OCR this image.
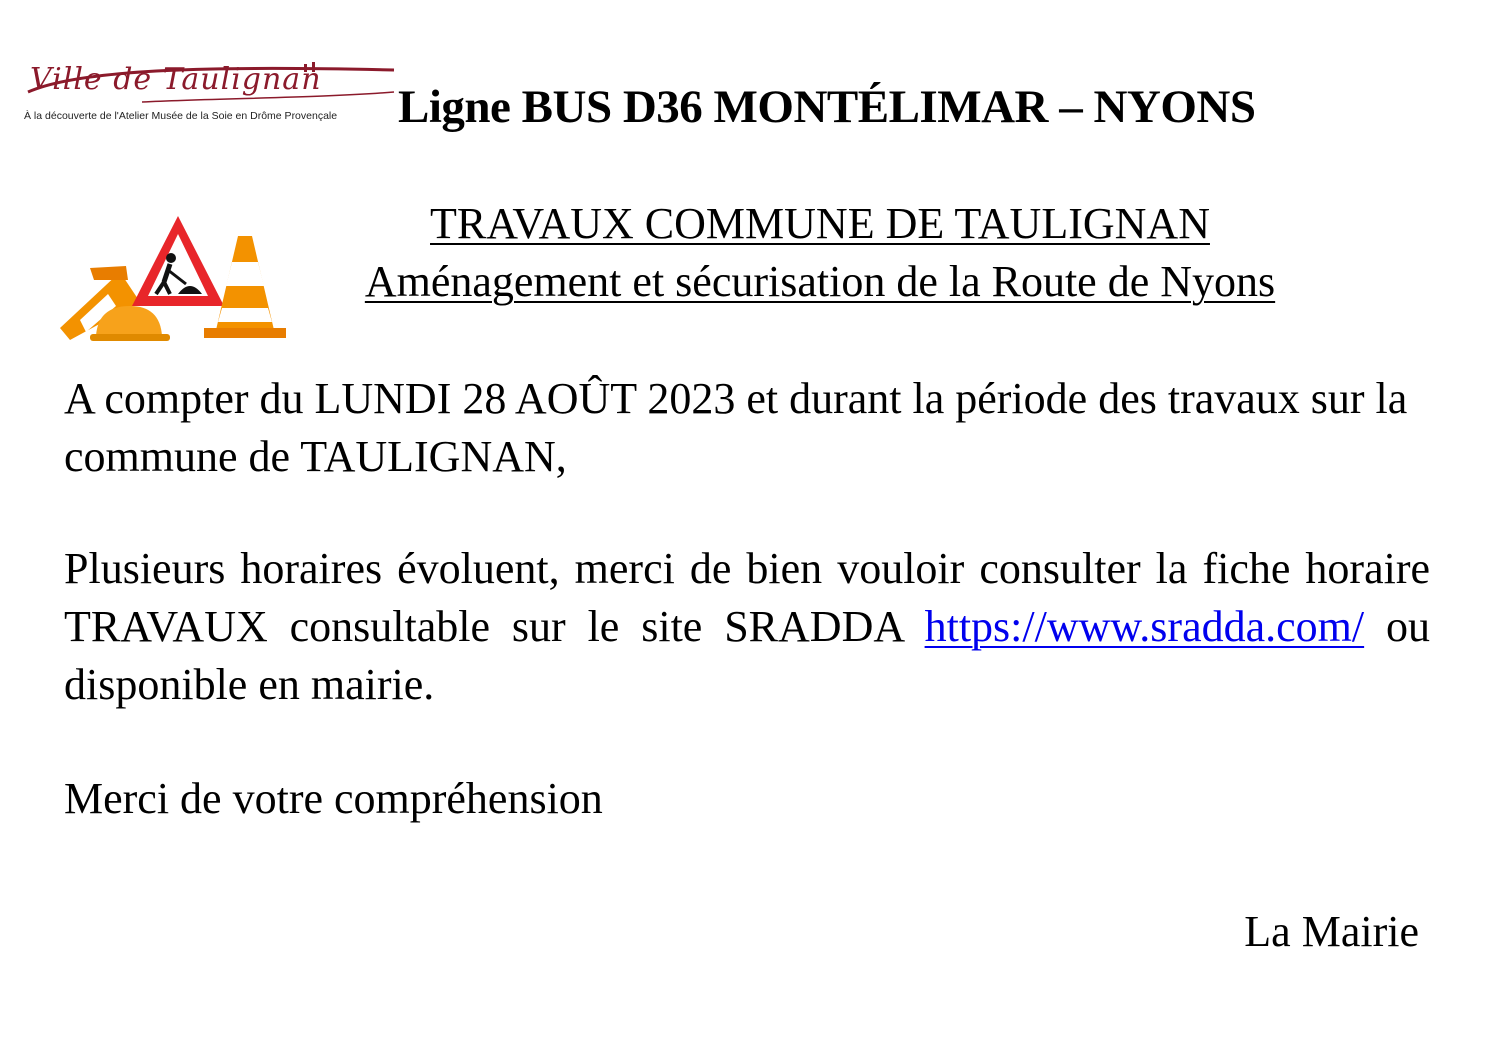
Ville de Taulignan
À la découverte de l'Atelier Musée de la Soie en Drôme Provençale Ligne BUS D36 MONTÉLIMAR – NYONS
TRAVAUX COMMUNE DE TAULIGNAN
Aménagement et sécurisation de la Route de Nyons
A compter du LUNDI 28 AOÛT 2023 et durant la période des travaux sur la commune de TAULIGNAN,
Plusieurs horaires évoluent, merci de bien vouloir consulter la fiche horaire TRAVAUX consultable sur le site SRADDA https://www.sradda.com/ ou disponible en mairie.
Merci de votre compréhension
La Mairie
